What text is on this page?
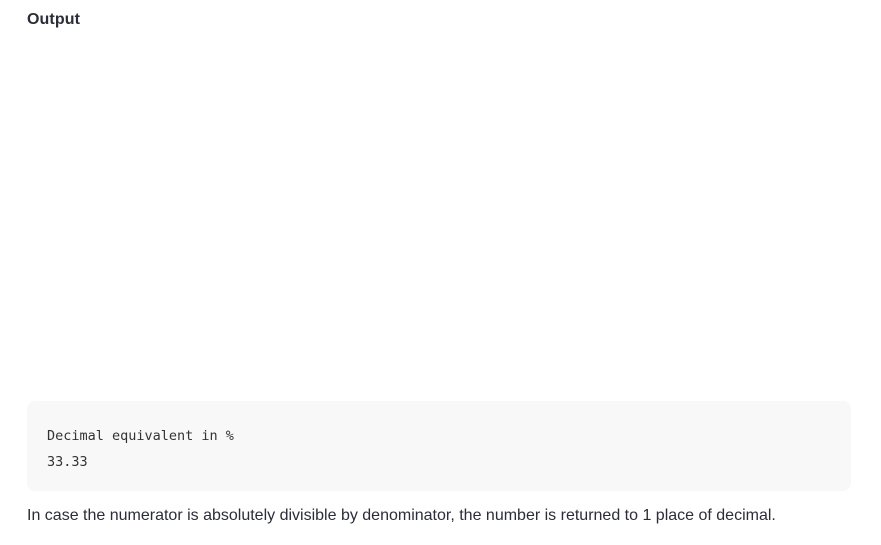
Output
Decimal equivalent in %
33.33
In case the numerator is absolutely divisible by denominator, the number is returned to 1 place of decimal.
